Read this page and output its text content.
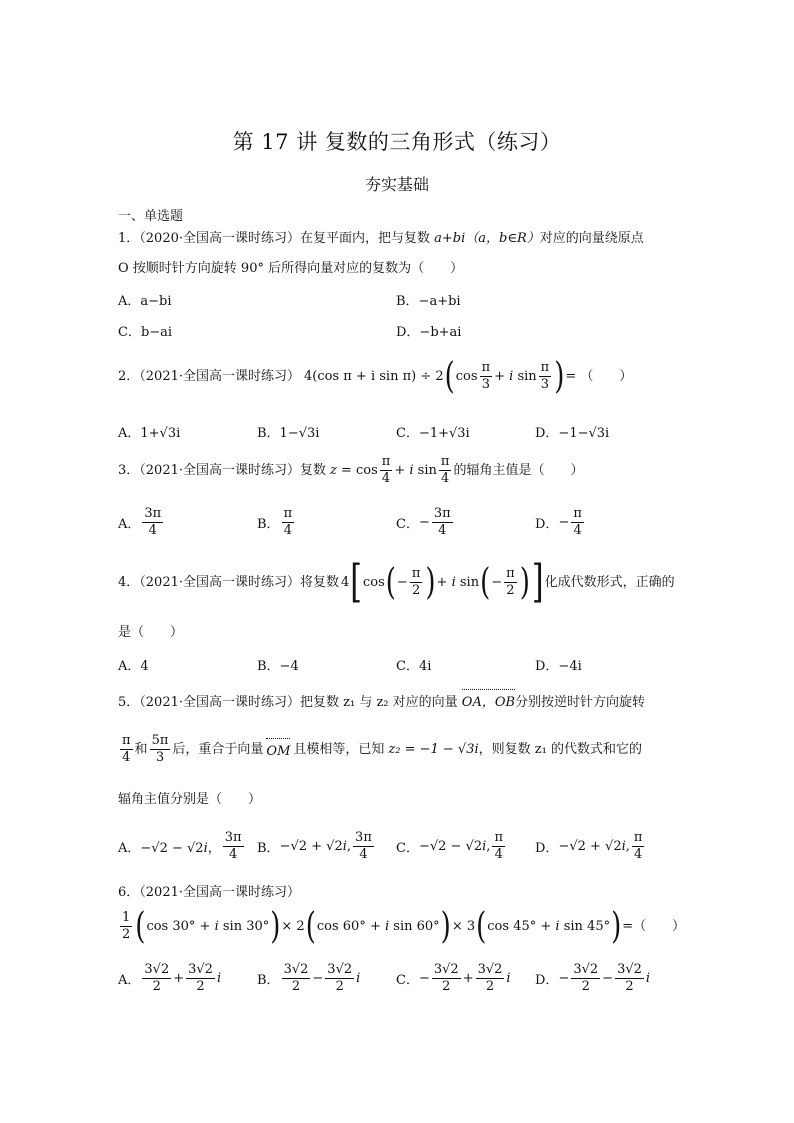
第 17 讲 复数的三角形式（练习）
夯实基础
一、单选题
1．（2020·全国高一课时练习）在复平面内，把与复数 a+bi（a，b∈R）对应的向量绕原点
O 按顺时针方向旋转 90° 后所得向量对应的复数为（　　）
A．a−bi	B．−a+bi
C．b−ai	D．−b+ai
2．（2021·全国高一课时练习） 4(cos π + i sin π) ÷ 2 ( $\cos \frac{\pi}{3} + i$ $\sin \frac{\pi}{3}$ ) = （　　）
A．1+√3i	B．1−√3i	C．−1+√3i	D．−1−√3i
3．（2021·全国高一课时练习）复数 $z = \cos \frac{\pi}{4} + i$ $\sin \frac{\pi}{4}$ 的辐角主值是（　　）
A． $\frac{3\pi}{4}$	B． $\frac{\pi}{4}$	C． − $\frac{3\pi}{4}$	D． − $\frac{\pi}{4}$
4．（2021·全国高一课时练习）将复数 4 [ cos ( − $\frac{\pi}{2}$ ) + i sin ( − $\frac{\pi}{2}$ ) ] 化成代数形式，正确的
是（　　）
A．4	B．−4	C．4i	D．−4i
5．（2021·全国高一课时练习）把复数 z₁ 与 z₂ 对应的向量 OA，OB分别按逆时针方向旋转
$\frac{\pi}{4}$ 和 $\frac{5\pi}{3}$ 后，重合于向量 OM 且模相等，已知 z₂ = −1 − √3i ，则复数 z₁ 的代数式和它的
辐角主值分别是（　　）
A． −√2 − √2i， $\frac{3\pi}{4}$ B． −√2 + √2i, $\frac{3\pi}{4}$ C． −√2 − √2i, $\frac{\pi}{4}$ D． −√2 + √2i, $\frac{\pi}{4}$
6．（2021·全国高一课时练习）
$\frac{1}{2}$ ( cos 30° + i sin 30° ) × 2 ( cos 60° + i sin 60° ) × 3 ( cos 45° + i sin 45° ) =（　　）
A． $\frac{3√2}{2} + \frac{3√2}{2}$ i	B． $\frac{3√2}{2} - \frac{3√2}{2}$ i	C． − $\frac{3√2}{2} + \frac{3√2}{2}$ i D． − $\frac{3√2}{2} - \frac{3√2}{2}$ i
